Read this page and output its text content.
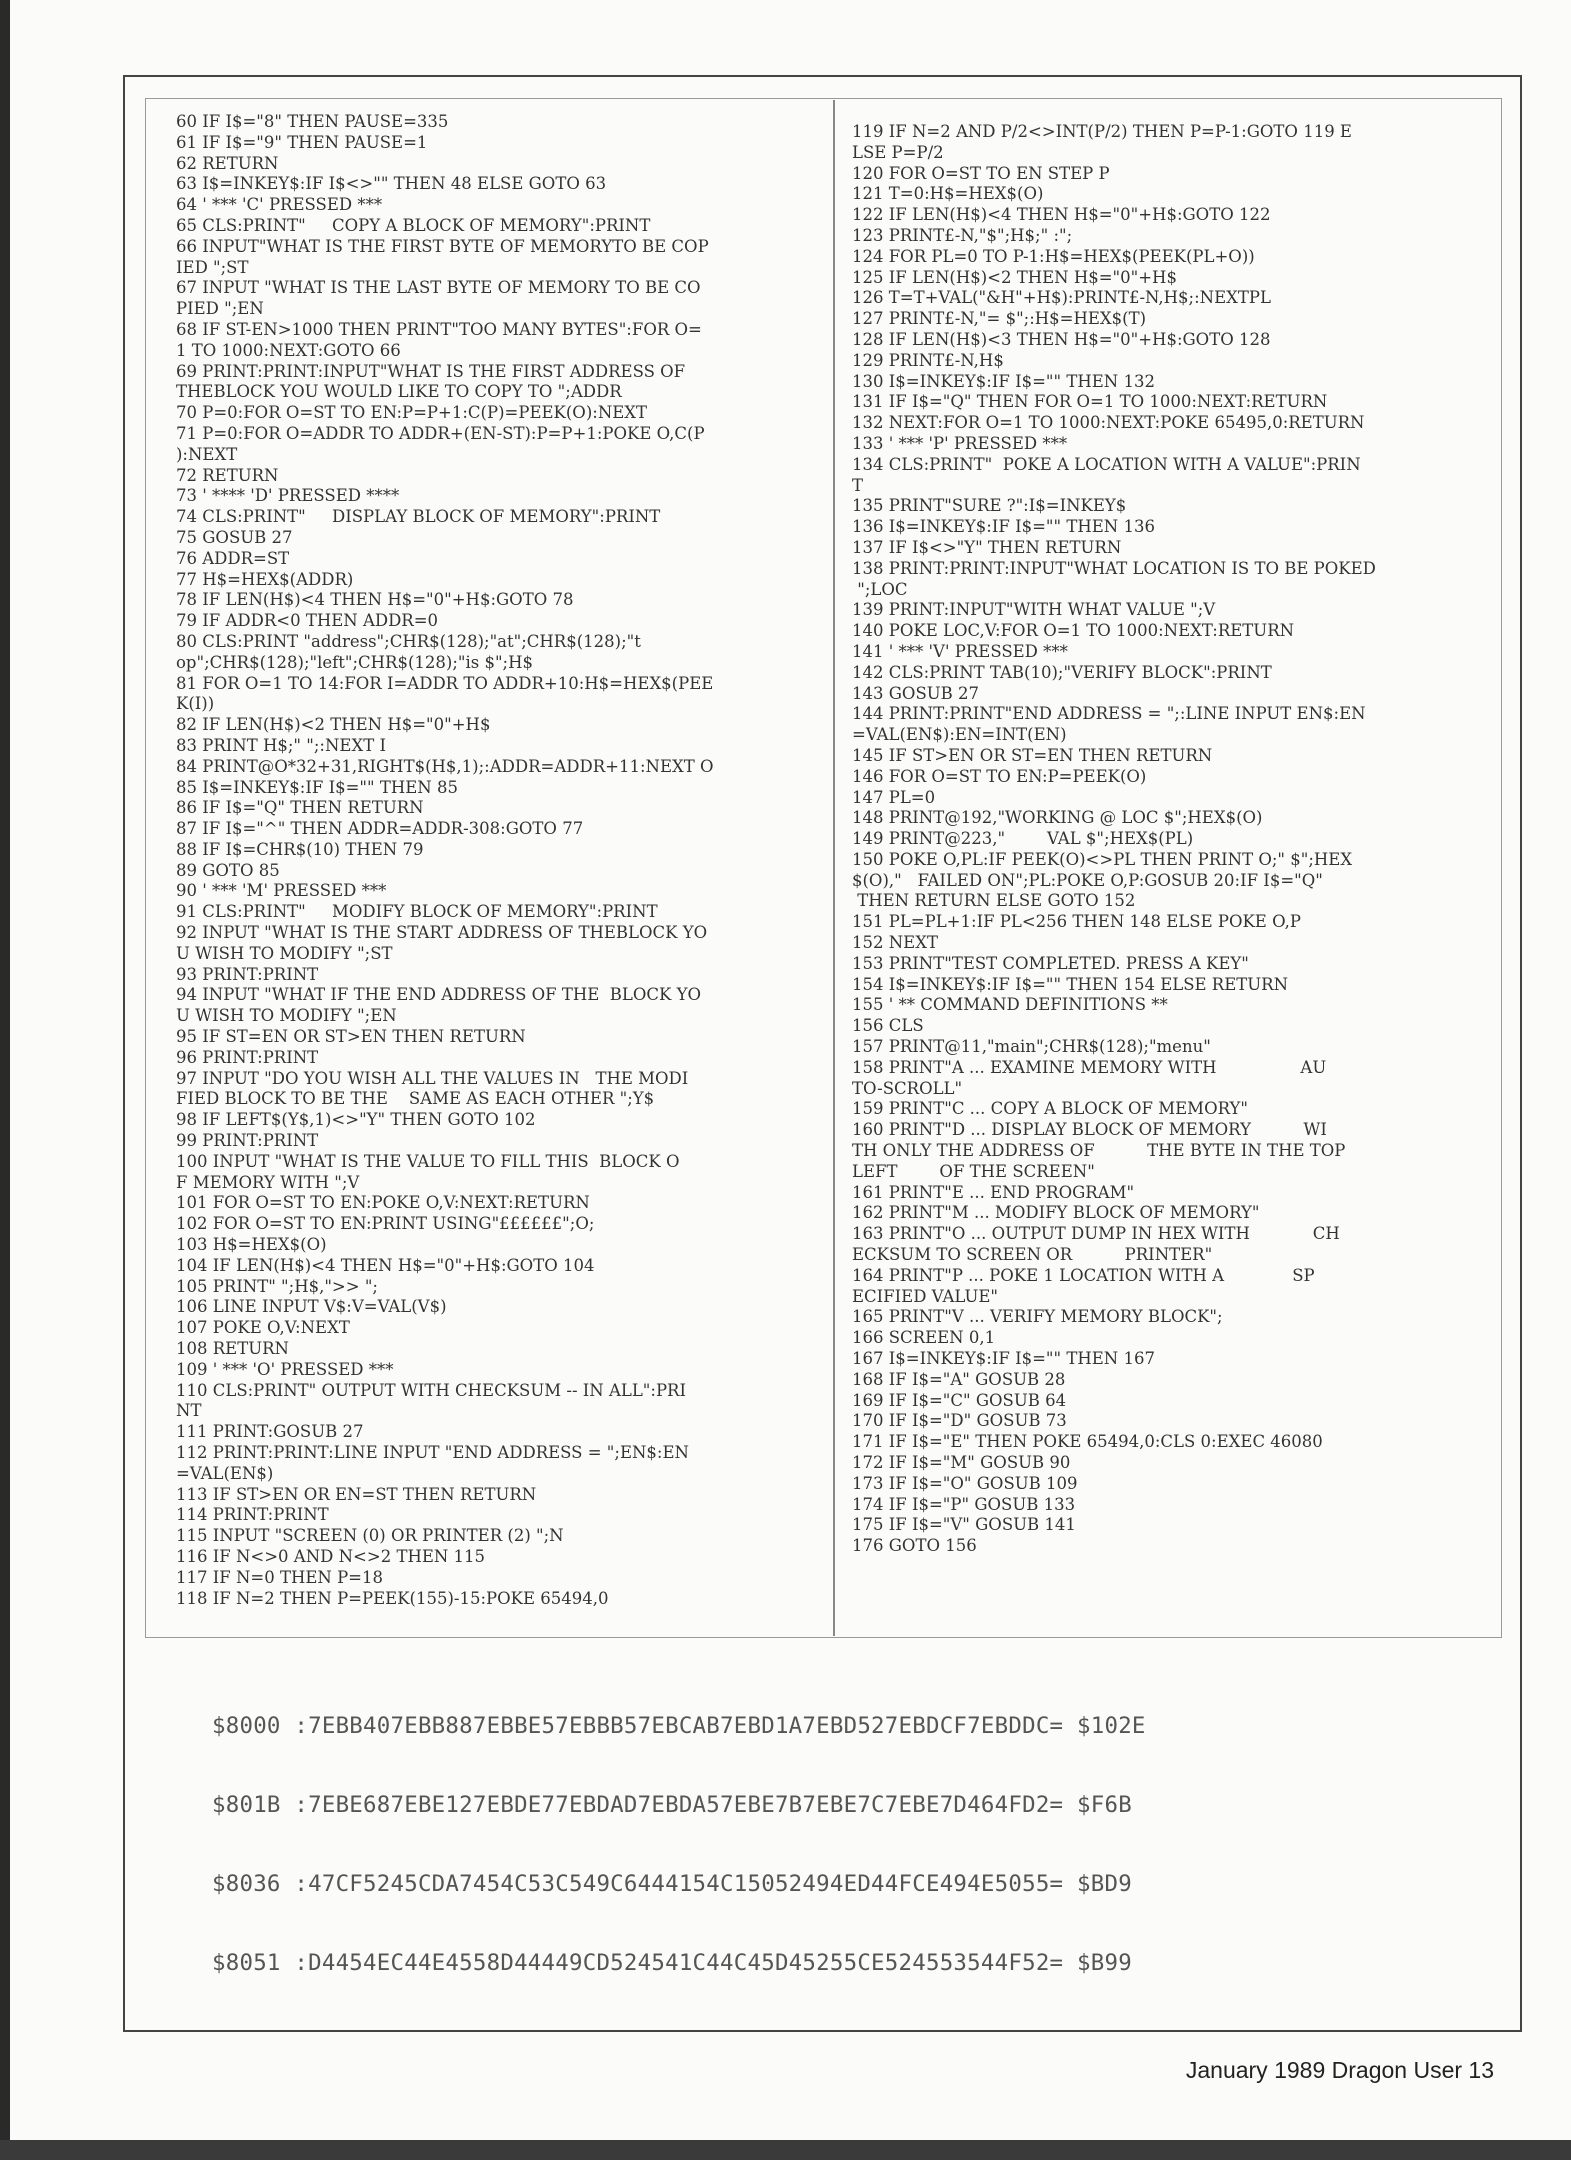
60 IF I$="8" THEN PAUSE=335
61 IF I$="9" THEN PAUSE=1
62 RETURN
63 I$=INKEY$:IF I$<>"" THEN 48 ELSE GOTO 63
64 ' *** 'C' PRESSED ***
65 CLS:PRINT"     COPY A BLOCK OF MEMORY":PRINT
66 INPUT"WHAT IS THE FIRST BYTE OF MEMORYTO BE COP
IED ";ST
67 INPUT "WHAT IS THE LAST BYTE OF MEMORY TO BE CO
PIED ";EN
68 IF ST-EN>1000 THEN PRINT"TOO MANY BYTES":FOR O=
1 TO 1000:NEXT:GOTO 66
69 PRINT:PRINT:INPUT"WHAT IS THE FIRST ADDRESS OF
THEBLOCK YOU WOULD LIKE TO COPY TO ";ADDR
70 P=0:FOR O=ST TO EN:P=P+1:C(P)=PEEK(O):NEXT
71 P=0:FOR O=ADDR TO ADDR+(EN-ST):P=P+1:POKE O,C(P
):NEXT
72 RETURN
73 ' **** 'D' PRESSED ****
74 CLS:PRINT"     DISPLAY BLOCK OF MEMORY":PRINT
75 GOSUB 27
76 ADDR=ST
77 H$=HEX$(ADDR)
78 IF LEN(H$)<4 THEN H$="0"+H$:GOTO 78
79 IF ADDR<0 THEN ADDR=0
80 CLS:PRINT "address";CHR$(128);"at";CHR$(128);"t
op";CHR$(128);"left";CHR$(128);"is $";H$
81 FOR O=1 TO 14:FOR I=ADDR TO ADDR+10:H$=HEX$(PEE
K(I))
82 IF LEN(H$)<2 THEN H$="0"+H$
83 PRINT H$;" ";:NEXT I
84 PRINT@O*32+31,RIGHT$(H$,1);:ADDR=ADDR+11:NEXT O
85 I$=INKEY$:IF I$="" THEN 85
86 IF I$="Q" THEN RETURN
87 IF I$="^" THEN ADDR=ADDR-308:GOTO 77
88 IF I$=CHR$(10) THEN 79
89 GOTO 85
90 ' *** 'M' PRESSED ***
91 CLS:PRINT"     MODIFY BLOCK OF MEMORY":PRINT
92 INPUT "WHAT IS THE START ADDRESS OF THEBLOCK YO
U WISH TO MODIFY ";ST
93 PRINT:PRINT
94 INPUT "WHAT IF THE END ADDRESS OF THE  BLOCK YO
U WISH TO MODIFY ";EN
95 IF ST=EN OR ST>EN THEN RETURN
96 PRINT:PRINT
97 INPUT "DO YOU WISH ALL THE VALUES IN   THE MODI
FIED BLOCK TO BE THE    SAME AS EACH OTHER ";Y$
98 IF LEFT$(Y$,1)<>"Y" THEN GOTO 102
99 PRINT:PRINT
100 INPUT "WHAT IS THE VALUE TO FILL THIS  BLOCK O
F MEMORY WITH ";V
101 FOR O=ST TO EN:POKE O,V:NEXT:RETURN
102 FOR O=ST TO EN:PRINT USING"££££££";O;
103 H$=HEX$(O)
104 IF LEN(H$)<4 THEN H$="0"+H$:GOTO 104
105 PRINT" ";H$,">> ";
106 LINE INPUT V$:V=VAL(V$)
107 POKE O,V:NEXT
108 RETURN
109 ' *** 'O' PRESSED ***
110 CLS:PRINT" OUTPUT WITH CHECKSUM -- IN ALL":PRI
NT
111 PRINT:GOSUB 27
112 PRINT:PRINT:LINE INPUT "END ADDRESS = ";EN$:EN
=VAL(EN$)
113 IF ST>EN OR EN=ST THEN RETURN
114 PRINT:PRINT
115 INPUT "SCREEN (0) OR PRINTER (2) ";N
116 IF N<>0 AND N<>2 THEN 115
117 IF N=0 THEN P=18
118 IF N=2 THEN P=PEEK(155)-15:POKE 65494,0
119 IF N=2 AND P/2<>INT(P/2) THEN P=P-1:GOTO 119 E
LSE P=P/2
120 FOR O=ST TO EN STEP P
121 T=0:H$=HEX$(O)
122 IF LEN(H$)<4 THEN H$="0"+H$:GOTO 122
123 PRINT£-N,"$";H$;" :";
124 FOR PL=0 TO P-1:H$=HEX$(PEEK(PL+O))
125 IF LEN(H$)<2 THEN H$="0"+H$
126 T=T+VAL("&H"+H$):PRINT£-N,H$;:NEXTPL
127 PRINT£-N,"= $";:H$=HEX$(T)
128 IF LEN(H$)<3 THEN H$="0"+H$:GOTO 128
129 PRINT£-N,H$
130 I$=INKEY$:IF I$="" THEN 132
131 IF I$="Q" THEN FOR O=1 TO 1000:NEXT:RETURN
132 NEXT:FOR O=1 TO 1000:NEXT:POKE 65495,0:RETURN
133 ' *** 'P' PRESSED ***
134 CLS:PRINT"  POKE A LOCATION WITH A VALUE":PRIN
T
135 PRINT"SURE ?":I$=INKEY$
136 I$=INKEY$:IF I$="" THEN 136
137 IF I$<>"Y" THEN RETURN
138 PRINT:PRINT:INPUT"WHAT LOCATION IS TO BE POKED
";LOC
139 PRINT:INPUT"WITH WHAT VALUE ";V
140 POKE LOC,V:FOR O=1 TO 1000:NEXT:RETURN
141 ' *** 'V' PRESSED ***
142 CLS:PRINT TAB(10);"VERIFY BLOCK":PRINT
143 GOSUB 27
144 PRINT:PRINT"END ADDRESS = ";:LINE INPUT EN$:EN
=VAL(EN$):EN=INT(EN)
145 IF ST>EN OR ST=EN THEN RETURN
146 FOR O=ST TO EN:P=PEEK(O)
147 PL=0
148 PRINT@192,"WORKING @ LOC $";HEX$(O)
149 PRINT@223,"        VAL $";HEX$(PL)
150 POKE O,PL:IF PEEK(O)<>PL THEN PRINT O;" $";HEX
$(O),"   FAILED ON";PL:POKE O,P:GOSUB 20:IF I$="Q"
THEN RETURN ELSE GOTO 152
151 PL=PL+1:IF PL<256 THEN 148 ELSE POKE O,P
152 NEXT
153 PRINT"TEST COMPLETED. PRESS A KEY"
154 I$=INKEY$:IF I$="" THEN 154 ELSE RETURN
155 ' ** COMMAND DEFINITIONS **
156 CLS
157 PRINT@11,"main";CHR$(128);"menu"
158 PRINT"A ... EXAMINE MEMORY WITH                AU
TO-SCROLL"
159 PRINT"C ... COPY A BLOCK OF MEMORY"
160 PRINT"D ... DISPLAY BLOCK OF MEMORY          WI
TH ONLY THE ADDRESS OF          THE BYTE IN THE TOP
LEFT        OF THE SCREEN"
161 PRINT"E ... END PROGRAM"
162 PRINT"M ... MODIFY BLOCK OF MEMORY"
163 PRINT"O ... OUTPUT DUMP IN HEX WITH            CH
ECKSUM TO SCREEN OR          PRINTER"
164 PRINT"P ... POKE 1 LOCATION WITH A             SP
ECIFIED VALUE"
165 PRINT"V ... VERIFY MEMORY BLOCK";
166 SCREEN 0,1
167 I$=INKEY$:IF I$="" THEN 167
168 IF I$="A" GOSUB 28
169 IF I$="C" GOSUB 64
170 IF I$="D" GOSUB 73
171 IF I$="E" THEN POKE 65494,0:CLS 0:EXEC 46080
172 IF I$="M" GOSUB 90
173 IF I$="O" GOSUB 109
174 IF I$="P" GOSUB 133
175 IF I$="V" GOSUB 141
176 GOTO 156
$8000 :7EBB407EBB887EBBE57EBBB57EBCAB7EBD1A7EBD527EBDCF7EBDDC= $102E
$801B :7EBE687EBE127EBDE77EBDAD7EBDA57EBE7B7EBE7C7EBE7D464FD2= $F6B
$8036 :47CF5245CDA7454C53C549C6444154C15052494ED44FCE494E5055= $BD9
$8051 :D4454EC44E4558D44449CD524541C44C45D45255CE524553544F52= $B99
January 1989 Dragon User 13
